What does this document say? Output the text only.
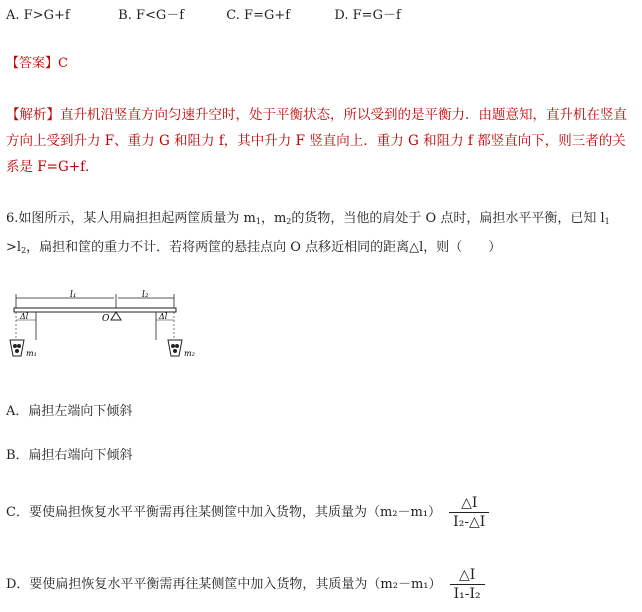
A. F>G+f	B. F<G－f	C. F=G+f	D. F=G－f
【答案】C
【解析】直升机沿竖直方向匀速升空时，处于平衡状态，所以受到的是平衡力．由题意知，直升机在竖直方向上受到升力 F、重力 G 和阻力 f，其中升力 F 竖直向上．重力 G 和阻力 f 都竖直向下，则三者的关系是 F=G+f．
6.如图所示，某人用扁担担起两筐质量为 $m_1$，$m_2$的货物，当他的肩处于 O 点时，扁担水平平衡，已知 $l_1$
$>l_2$，扁担和筐的重力不计．若将两筐的悬挂点向 O 点移近相同的距离△l，则（　　）
l₁	l₂
O
Δl	Δl
m₁	m₂
A．扁担左端向下倾斜
B．扁担右端向下倾斜
C．要使扁担恢复水平平衡需再往某侧筐中加入货物，其质量为$(m_2-m_1) \frac{\triangle I}{\text{I₂-△I}}$
D．要使扁担恢复水平平衡需再往某侧筐中加入货物，其质量为$(m_2-m_1) \frac{\triangle I}{\text{I₁-I₂}}$
